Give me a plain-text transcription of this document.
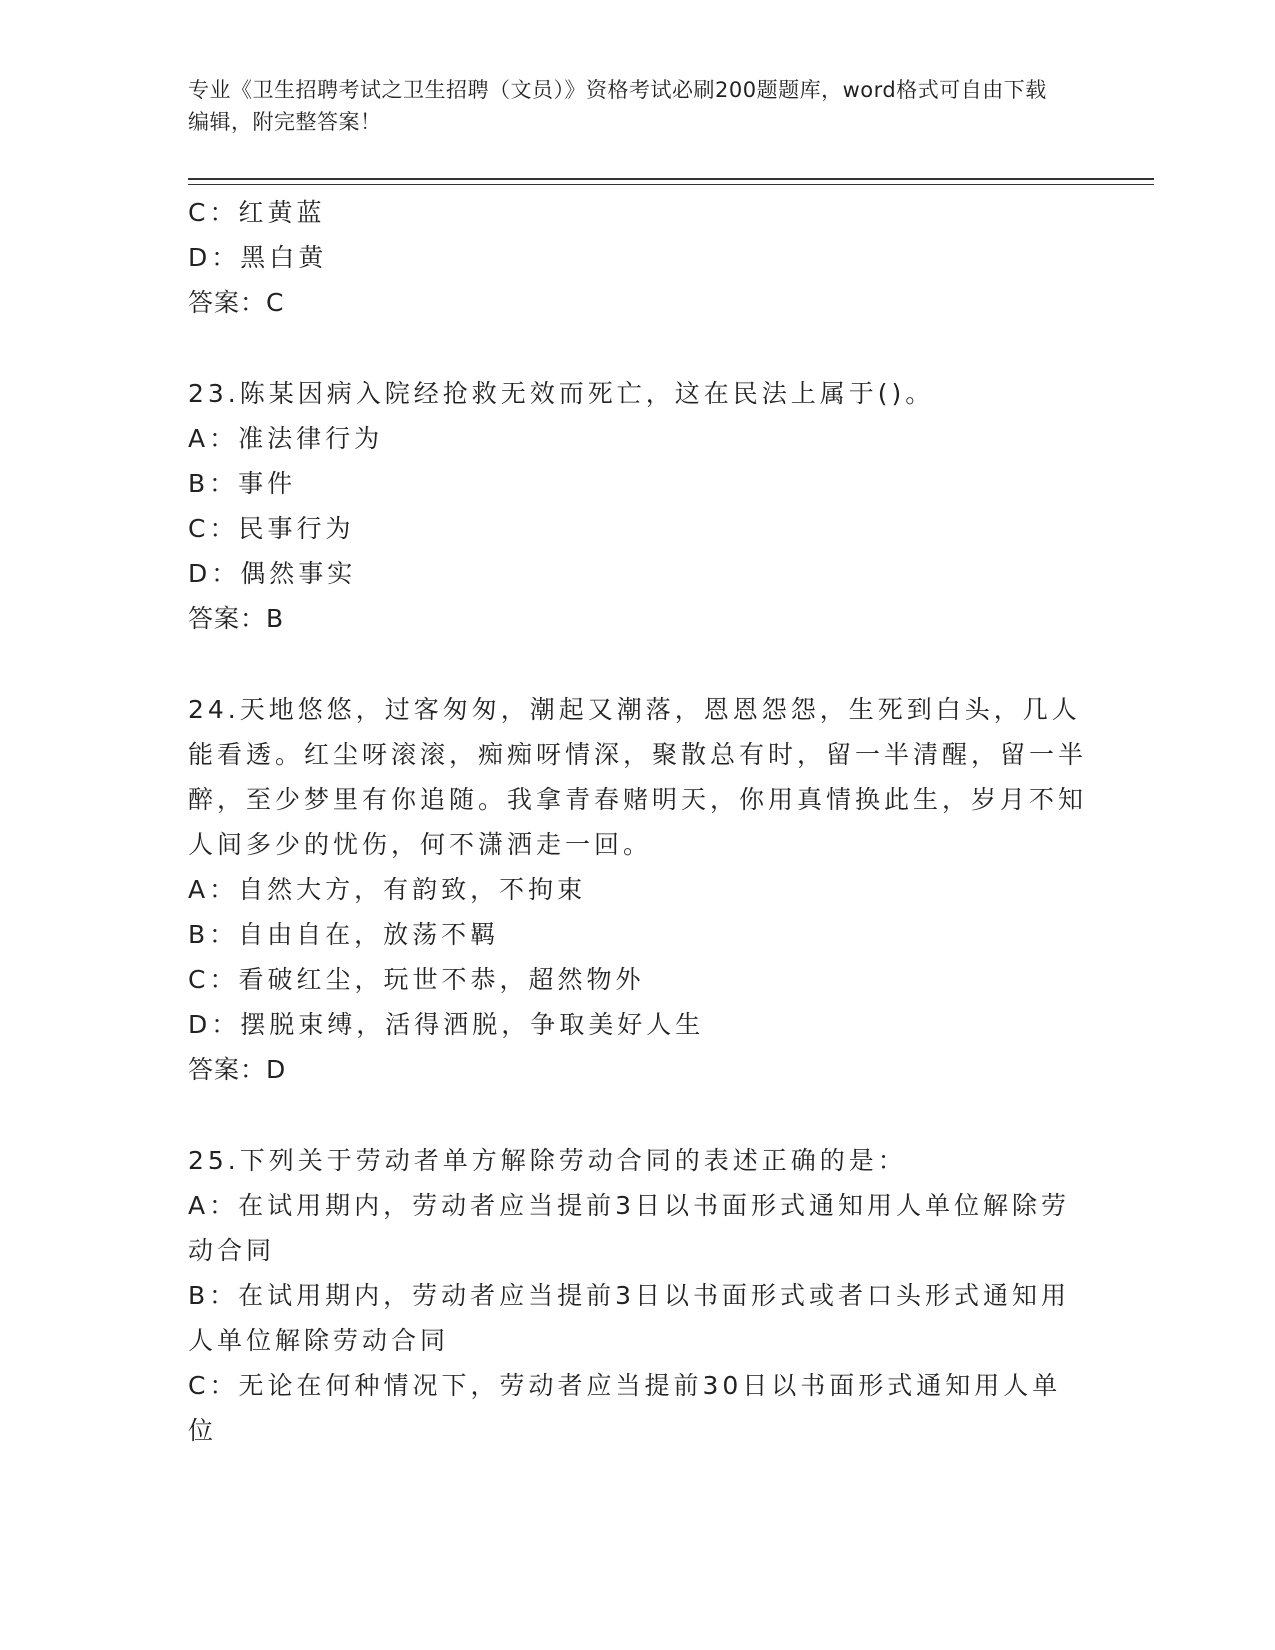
专业《卫生招聘考试之卫生招聘（文员）》资格考试必刷200题题库，word格式可自由下载编辑，附完整答案！
C：红黄蓝
D：黑白黄
答案：C
23.陈某因病入院经抢救无效而死亡，这在民法上属于()。
A：准法律行为
B：事件
C：民事行为
D：偶然事实
答案：B
24.天地悠悠，过客匆匆，潮起又潮落，恩恩怨怨，生死到白头，几人能看透。红尘呀滚滚，痴痴呀情深，聚散总有时，留一半清醒，留一半醉，至少梦里有你追随。我拿青春赌明天，你用真情换此生，岁月不知人间多少的忧伤，何不潇洒走一回。
A：自然大方，有韵致，不拘束
B：自由自在，放荡不羁
C：看破红尘，玩世不恭，超然物外
D：摆脱束缚，活得洒脱，争取美好人生
答案：D
25.下列关于劳动者单方解除劳动合同的表述正确的是：
A：在试用期内，劳动者应当提前3日以书面形式通知用人单位解除劳动合同
B：在试用期内，劳动者应当提前3日以书面形式或者口头形式通知用人单位解除劳动合同
C：无论在何种情况下，劳动者应当提前30日以书面形式通知用人单位
